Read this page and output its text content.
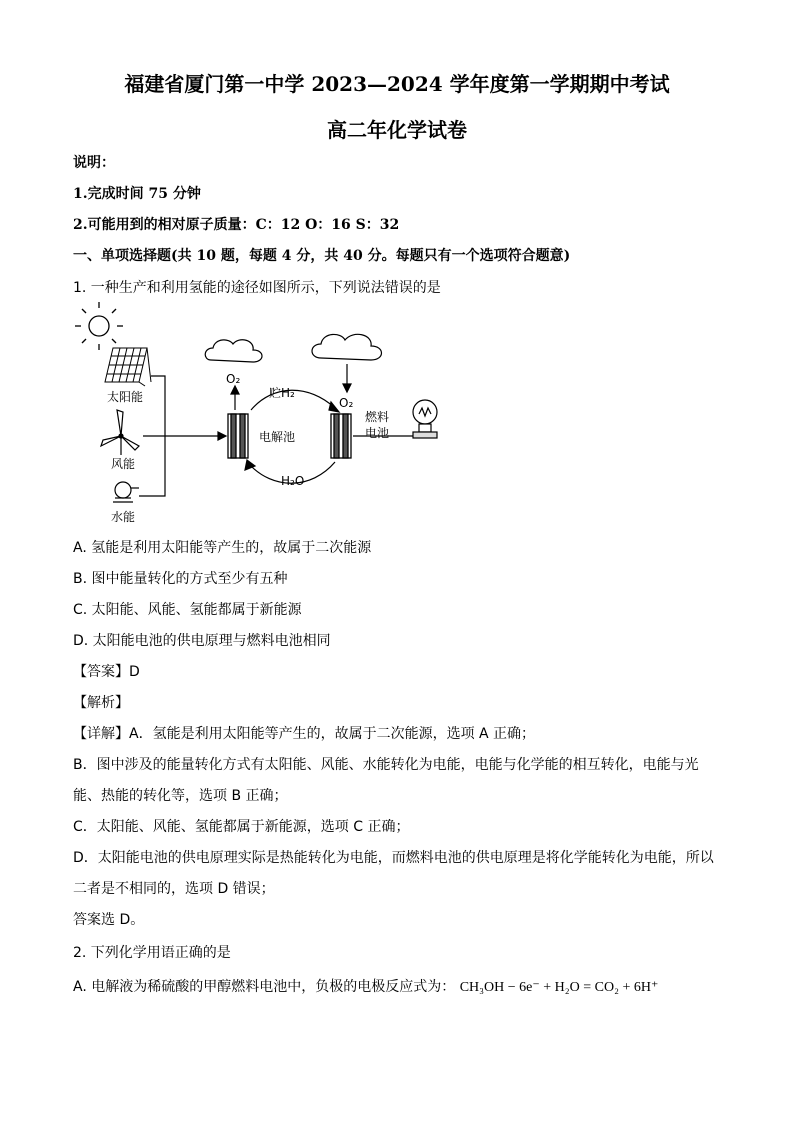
福建省厦门第一中学 2023—2024 学年度第一学期期中考试
高二年化学试卷
说明：
1.完成时间 75 分钟
2.可能用到的相对原子质量：C：12 O：16 S：32
一、单项选择题(共 10 题，每题 4 分，共 40 分。每题只有一个选项符合题意)
1. 一种生产和利用氢能的途径如图所示，下列说法错误的是
太阳能
风能
水能
O₂
贮H₂
O₂
电解池
燃料
电池
H₂O
A. 氢能是利用太阳能等产生的，故属于二次能源
B. 图中能量转化的方式至少有五种
C. 太阳能、风能、氢能都属于新能源
D. 太阳能电池的供电原理与燃料电池相同
【答案】D
【解析】
【详解】A．氢能是利用太阳能等产生的，故属于二次能源，选项 A 正确；
B．图中涉及的能量转化方式有太阳能、风能、水能转化为电能，电能与化学能的相互转化，电能与光
能、热能的转化等，选项 B 正确；
C．太阳能、风能、氢能都属于新能源，选项 C 正确；
D．太阳能电池的供电原理实际是热能转化为电能，而燃料电池的供电原理是将化学能转化为电能，所以
二者是不相同的，选项 D 错误；
答案选 D。
2. 下列化学用语正确的是
A. 电解液为稀硫酸的甲醇燃料电池中，负极的电极反应式为： CH₃OH − 6e⁻ + H₂O = CO₂ + 6H⁺
